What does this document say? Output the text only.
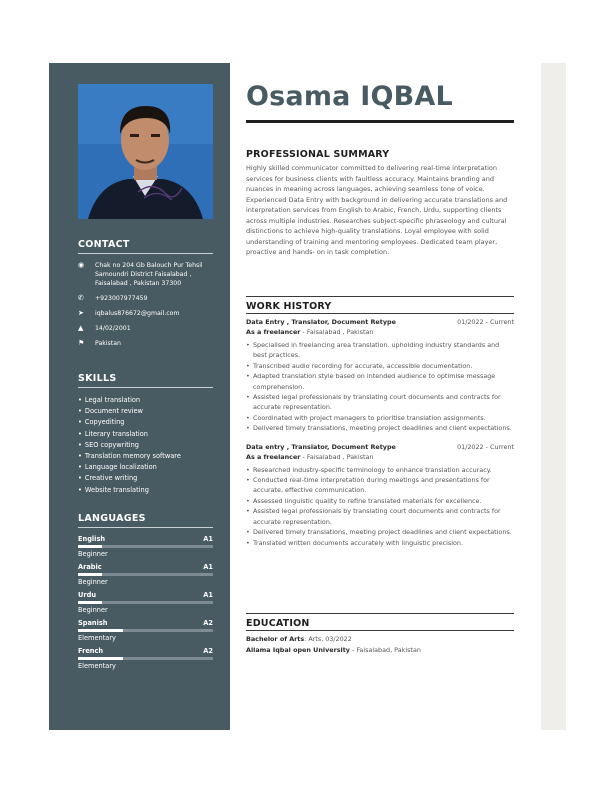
CONTACT
◉	Chak no 204 Gb Balouch Pur Tehsil Samoundri District Faisalabad , Faisalabad , Pakistan 37300
✆	+923007977459
➤	iqbalus876672@gmail.com
▲	14/02/2001
⚑	Pakistan
SKILLS
• Legal translation
• Document review
• Copyediting
• Literary translation
• SEO copywriting
• Translation memory software
• Language localization
• Creative writing
• Website translating
LANGUAGES
English	A1
Beginner
Arabic	A1
Beginner
Urdu	A1
Beginner
Spanish	A2
Elementary
French	A2
Elementary
Osama IQBAL
PROFESSIONAL SUMMARY

Highly skilled communicator committed to delivering real-time interpretation services for business clients with faultless accuracy. Maintains branding and nuances in meaning across languages, achieving seamless tone of voice. Experienced Data Entry with background in delivering accurate translations and interpretation services from English to Arabic, French, Urdu, supporting clients across multiple industries. Researches subject-specific phraseology and cultural distinctions to achieve high-quality translations. Loyal employee with solid understanding of training and mentoring employees. Dedicated team player, proactive and hands- on in task completion.

WORK HISTORY
Data Entry , Translator, Document Retype	01/2022 - Current
As a freelancer - Faisalabad , Pakistan
• Specialised in freelancing area translation. upholding industry standards and best practices.
• Transcribed audio recording for accurate, accessible documentation.
• Adapted translation style based on intended audience to optimise message comprehension.
• Assisted legal professionals by translating court documents and contracts for accurate representation.
• Coordinated with project managers to prioritise translation assignments.
• Delivered timely translations, meeting project deadlines and client expectations.
Data entry , Translator, Document Retype	01/2022 - Current
As a freelancer - Faisalabad , Pakistan
• Researched industry-specific terminology to enhance translation accuracy.
• Conducted real-time interpretation during meetings and presentations for accurate, effective communication.
• Assessed linguistic quality to refine translated materials for excellence.
• Assisted legal professionals by translating court documents and contracts for accurate representation.
• Delivered timely translations, meeting project deadlines and client expectations.
• Translated written documents accurately with linguistic precision.
EDUCATION
Bachelor of Arts: Arts, 03/2022
Allama Iqbal open University - Faisalabad, Pakistan
